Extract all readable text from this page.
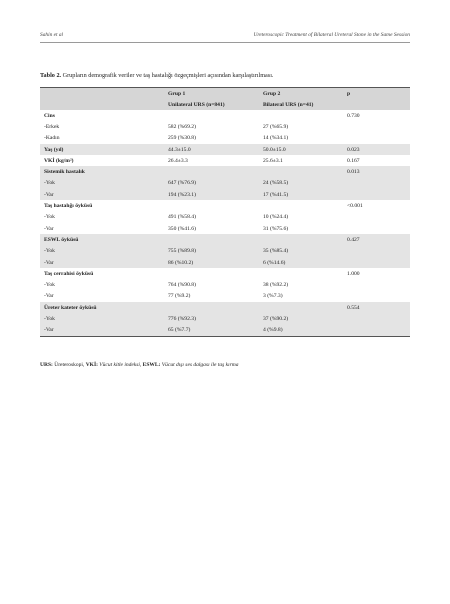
Sahin et al	Ureteroscopic Treatment of Bilateral Ureteral Stone in the Same Session
Tablo 2. Grupların demografik veriler ve taş hastalığı özgeçmişleri açısından karşılaştırılması.
	Grup 1	Grup 2	p
	Unilateral URS (n=841)	Bilateral URS (n=41)	
Cins			0.730
-Erkek	582 (%69.2)	27 (%65.9)	
-Kadın	259 (%30.8)	14 (%34.1)	
Yaş (yıl)	44.3±15.0	50.0±15.0	0.023
VKİ (kg/m²)	26.4±3.3	25.6±3.1	0.167
Sistemik hastalık			0.013
-Yok	647 (%76.9)	24 (%58.5)	
-Var	194 (%23.1)	17 (%41.5)	
Taş hastalığı öyküsü			<0.001
-Yok	491 (%58.4)	10 (%24.4)	
-Var	350 (%41.6)	31 (%75.6)	
ESWL öyküsü			0.427
-Yok	755 (%89.8)	35 (%85.4)	
-Var	86 (%10.2)	6 (%14.6)	
Taş cerrahisi öyküsü			1.000
-Yok	764 (%90.8)	38 (%92.2)	
-Var	77 (%9.2)	3 (%7.3)	
Üreter kateter öyküsü			0.554
-Yok	776 (%92.3)	37 (%90.2)	
-Var	65 (%7.7)	4 (%9.8)	
URS: Üreteroskopi, VKİ: Vücut kitle indeksi, ESWL: Vücut dışı ses dalgası ile taş kırma
